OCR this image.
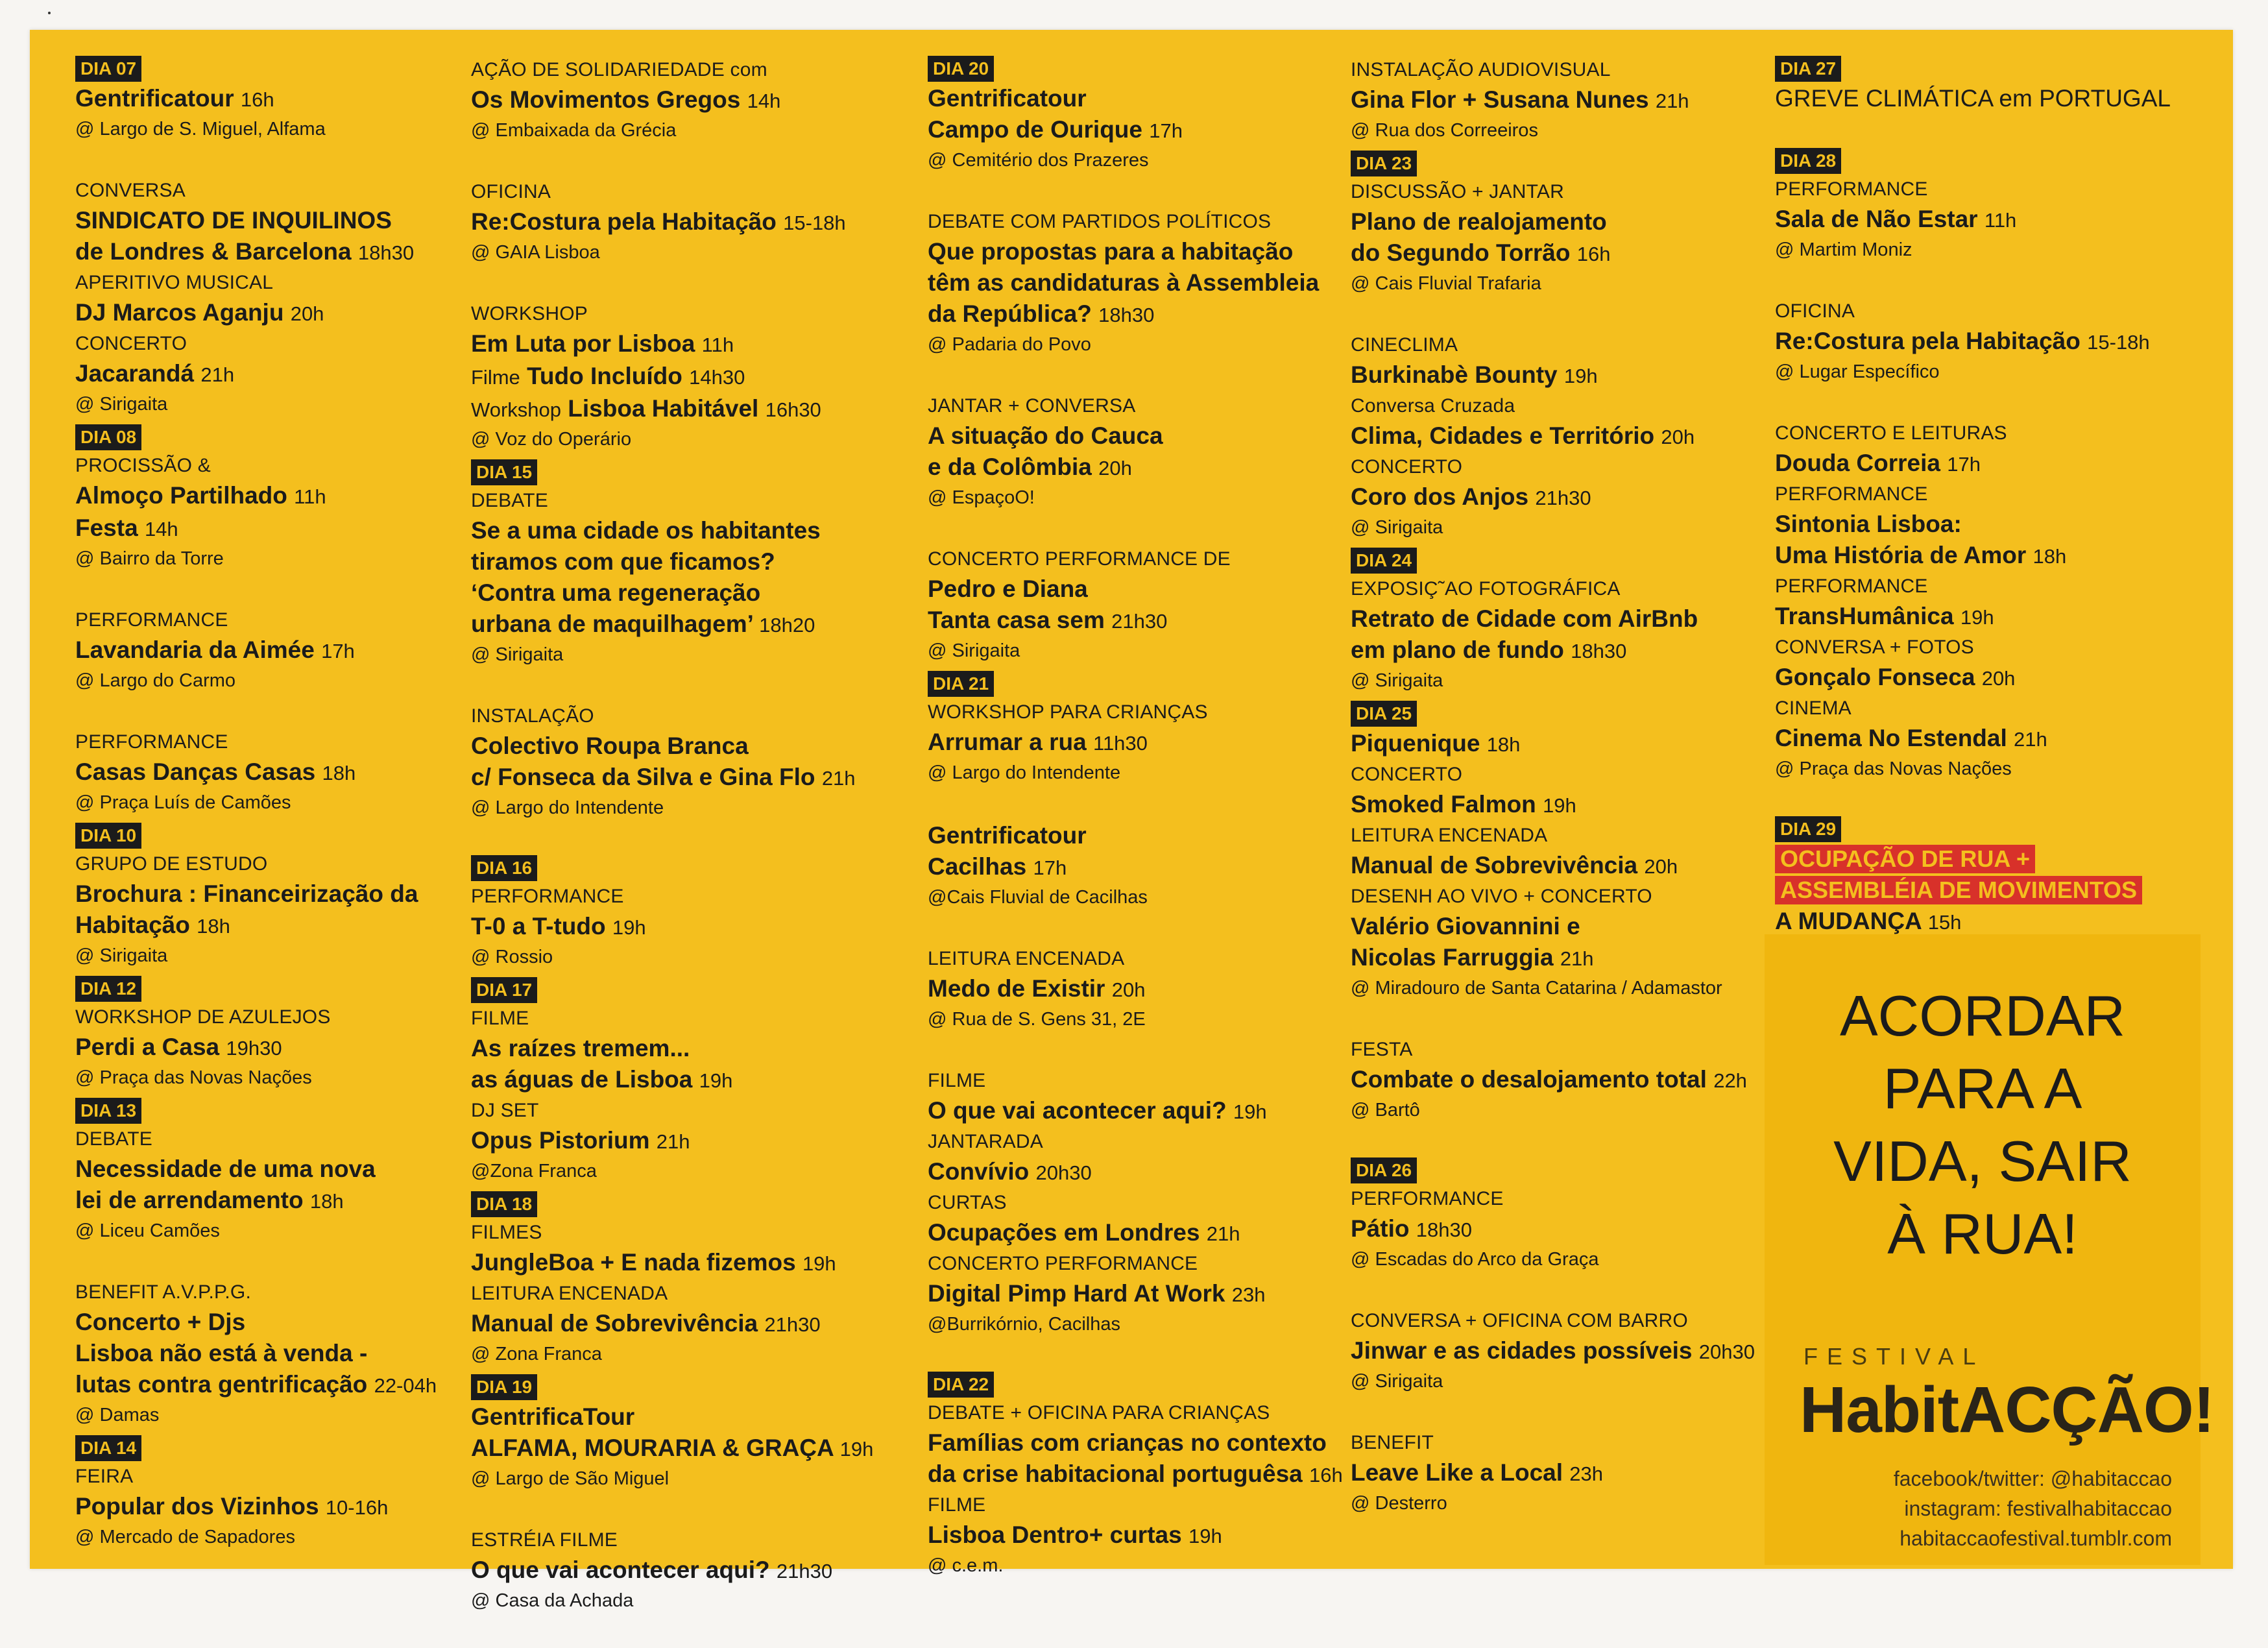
DIA 07
Gentrificatour 16h
@ Largo de S. Miguel, Alfama
CONVERSA
SINDICATO DE INQUILINOS
de Londres & Barcelona 18h30
APERITIVO MUSICAL
DJ Marcos Aganju 20h
CONCERTO
Jacarandá 21h
@ Sirigaita
DIA 08
PROCISSÃO &
Almoço Partilhado 11h
Festa 14h
@ Bairro da Torre
PERFORMANCE
Lavandaria da Aimée 17h
@ Largo do Carmo
PERFORMANCE
Casas Danças Casas 18h
@ Praça Luís de Camões
DIA 10
GRUPO DE ESTUDO
Brochura : Financeirização da
Habitação 18h
@ Sirigaita
DIA 12
WORKSHOP DE AZULEJOS
Perdi a Casa 19h30
@ Praça das Novas Nações
DIA 13
DEBATE
Necessidade de uma nova
lei de arrendamento 18h
@ Liceu Camões
BENEFIT A.V.P.P.G.
Concerto + Djs
Lisboa não está à venda -
lutas contra gentrificação 22-04h
@ Damas
DIA 14
FEIRA
Popular dos Vizinhos 10-16h
@ Mercado de Sapadores
AÇÃO DE SOLIDARIEDADE com
Os Movimentos Gregos 14h
@ Embaixada da Grécia
OFICINA
Re:Costura pela Habitação 15-18h
@ GAIA Lisboa
WORKSHOP
Em Luta por Lisboa 11h
Filme Tudo Incluído 14h30
Workshop Lisboa Habitável 16h30
@ Voz do Operário
DIA 15
DEBATE
Se a uma cidade os habitantes
tiramos com que ficamos?
‘Contra uma regeneração
urbana de maquilhagem’ 18h20
@ Sirigaita
INSTALAÇÃO
Colectivo Roupa Branca
c/ Fonseca da Silva e Gina Flo 21h
@ Largo do Intendente
DIA 16
PERFORMANCE
T-0 a T-tudo 19h
@ Rossio
DIA 17
FILME
As raízes tremem...
as águas de Lisboa 19h
DJ SET
Opus Pistorium 21h
@Zona Franca
DIA 18
FILMES
JungleBoa + E nada fizemos 19h
LEITURA ENCENADA
Manual de Sobrevivência 21h30
@ Zona Franca
DIA 19
GentrificaTour
ALFAMA, MOURARIA & GRAÇA 19h
@ Largo de São Miguel
ESTRÉIA FILME
O que vai acontecer aqui? 21h30
@ Casa da Achada
DIA 20
Gentrificatour
Campo de Ourique 17h
@ Cemitério dos Prazeres
DEBATE COM PARTIDOS POLÍTICOS
Que propostas para a habitação
têm as candidaturas à Assembleia
da República? 18h30
@ Padaria do Povo
JANTAR + CONVERSA
A situação do Cauca
e da Colômbia 20h
@ EspaçoO!
CONCERTO PERFORMANCE DE
Pedro e Diana
Tanta casa sem 21h30
@ Sirigaita
DIA 21
WORKSHOP PARA CRIANÇAS
Arrumar a rua 11h30
@ Largo do Intendente
Gentrificatour
Cacilhas 17h
@Cais Fluvial de Cacilhas
LEITURA ENCENADA
Medo de Existir 20h
@ Rua de S. Gens 31, 2E
FILME
O que vai acontecer aqui? 19h
JANTARADA
Convívio 20h30
CURTAS
Ocupações em Londres 21h
CONCERTO PERFORMANCE
Digital Pimp Hard At Work 23h
@Burrikórnio, Cacilhas
DIA 22
DEBATE + OFICINA PARA CRIANÇAS
Famílias com crianças no contexto
da crise habitacional portuguêsa 16h
FILME
Lisboa Dentro+ curtas 19h
@ c.e.m.
INSTALAÇÃO AUDIOVISUAL
Gina Flor + Susana Nunes 21h
@ Rua dos Correeiros
DIA 23
DISCUSSÃO + JANTAR
Plano de realojamento
do Segundo Torrão 16h
@ Cais Fluvial Trafaria
CINECLIMA
Burkinabè Bounty 19h
Conversa Cruzada
Clima, Cidades e Território 20h
CONCERTO
Coro dos Anjos 21h30
@ Sirigaita
DIA 24
EXPOSIÇ˜AO FOTOGRÁFICA
Retrato de Cidade com AirBnb
em plano de fundo 18h30
@ Sirigaita
DIA 25
Piquenique 18h
CONCERTO
Smoked Falmon 19h
LEITURA ENCENADA
Manual de Sobrevivência 20h
DESENH AO VIVO + CONCERTO
Valério Giovannini e
Nicolas Farruggia 21h
@ Miradouro de Santa Catarina / Adamastor
FESTA
Combate o desalojamento total 22h
@ Bartô
DIA 26
PERFORMANCE
Pátio 18h30
@ Escadas do Arco da Graça
CONVERSA + OFICINA COM BARRO
Jinwar e as cidades possíveis 20h30
@ Sirigaita
BENEFIT
Leave Like a Local 23h
@ Desterro
DIA 27
GREVE CLIMÁTICA em PORTUGAL
DIA 28
PERFORMANCE
Sala de Não Estar 11h
@ Martim Moniz
OFICINA
Re:Costura pela Habitação 15-18h
@ Lugar Específico
CONCERTO E LEITURAS
Douda Correia 17h
PERFORMANCE
Sintonia Lisboa:
Uma História de Amor 18h
PERFORMANCE
TransHumânica 19h
CONVERSA + FOTOS
Gonçalo Fonseca 20h
CINEMA
Cinema No Estendal 21h
@ Praça das Novas Nações
DIA 29
OCUPAÇÃO DE RUA +
ASSEMBLÉIA DE MOVIMENTOS
A MUDANÇA 15h
ACORDAR
PARA A
VIDA, SAIR
À RUA!
FESTIVAL
HabitACÇÃO!
facebook/twitter: @habitaccao
instagram: festivalhabitaccao
habitaccaofestival.tumblr.com
